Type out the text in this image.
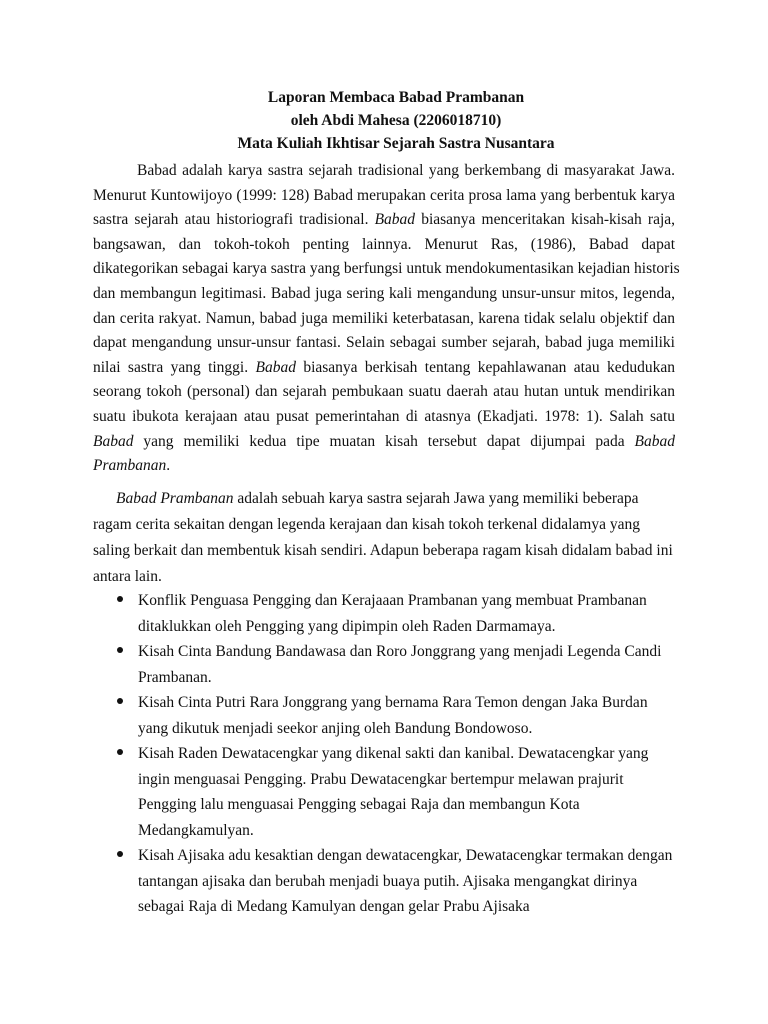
Laporan Membaca Babad Prambanan
oleh Abdi Mahesa (2206018710)
Mata Kuliah Ikhtisar Sejarah Sastra Nusantara
Babad adalah karya sastra sejarah tradisional yang berkembang di masyarakat Jawa.
Menurut Kuntowijoyo (1999: 128) Babad merupakan cerita prosa lama yang berbentuk karya
sastra sejarah atau historiografi tradisional. Babad biasanya menceritakan kisah-kisah raja,
bangsawan, dan tokoh-tokoh penting lainnya. Menurut Ras, (1986), Babad dapat
dikategorikan sebagai karya sastra yang berfungsi untuk mendokumentasikan kejadian historis
dan membangun legitimasi. Babad juga sering kali mengandung unsur-unsur mitos, legenda,
dan cerita rakyat. Namun, babad juga memiliki keterbatasan, karena tidak selalu objektif dan
dapat mengandung unsur-unsur fantasi. Selain sebagai sumber sejarah, babad juga memiliki
nilai sastra yang tinggi. Babad biasanya berkisah tentang kepahlawanan atau kedudukan
seorang tokoh (personal) dan sejarah pembukaan suatu daerah atau hutan untuk mendirikan
suatu ibukota kerajaan atau pusat pemerintahan di atasnya (Ekadjati. 1978: 1). Salah satu
Babad yang memiliki kedua tipe muatan kisah tersebut dapat dijumpai pada Babad
Prambanan.
Babad Prambanan adalah sebuah karya sastra sejarah Jawa yang memiliki beberapa
ragam cerita sekaitan dengan legenda kerajaan dan kisah tokoh terkenal didalamya yang
saling berkait dan membentuk kisah sendiri. Adapun beberapa ragam kisah didalam babad ini
antara lain.
Konflik Penguasa Pengging dan Kerajaaan Prambanan yang membuat Prambanan
ditaklukkan oleh Pengging yang dipimpin oleh Raden Darmamaya.
Kisah Cinta Bandung Bandawasa dan Roro Jonggrang yang menjadi Legenda Candi
Prambanan.
Kisah Cinta Putri Rara Jonggrang yang bernama Rara Temon dengan Jaka Burdan
yang dikutuk menjadi seekor anjing oleh Bandung Bondowoso.
Kisah Raden Dewatacengkar yang dikenal sakti dan kanibal. Dewatacengkar yang
ingin menguasai Pengging. Prabu Dewatacengkar bertempur melawan prajurit
Pengging lalu menguasai Pengging sebagai Raja dan membangun Kota
Medangkamulyan.
Kisah Ajisaka adu kesaktian dengan dewatacengkar, Dewatacengkar termakan dengan
tantangan ajisaka dan berubah menjadi buaya putih. Ajisaka mengangkat dirinya
sebagai Raja di Medang Kamulyan dengan gelar Prabu Ajisaka
